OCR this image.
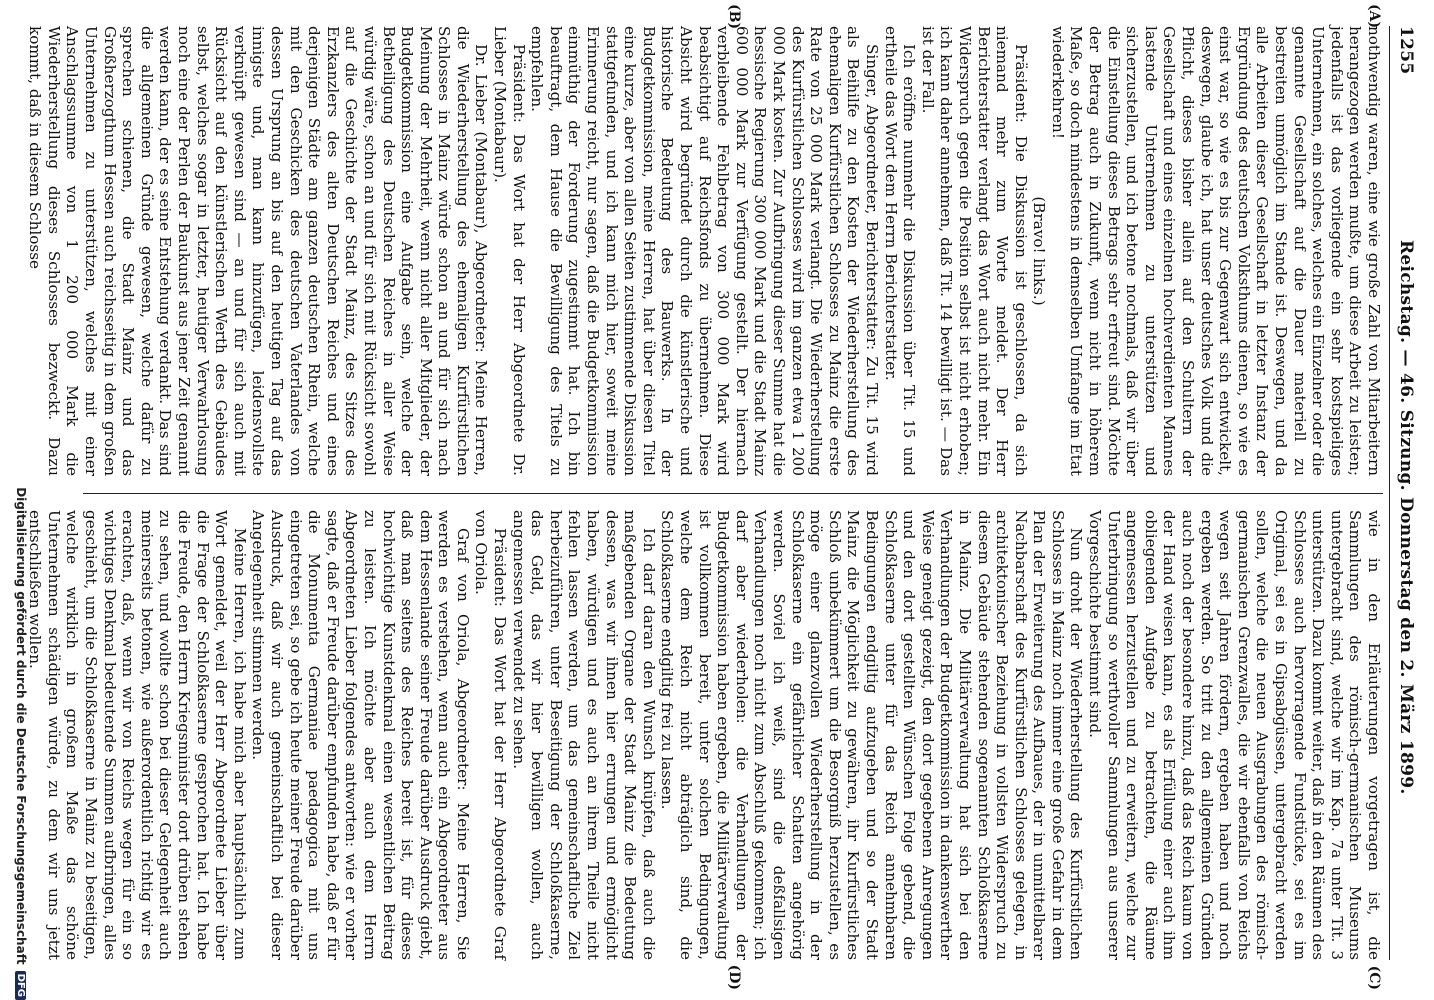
1255
Reichstag. — 46. Sitzung. Donnerstag den 2. März 1899.
(A)
(B)

nothwendig waren, eine wie große Zahl von Mitarbeitern herangezogen werden mußte, um diese Arbeit zu leisten; jedenfalls ist das vorliegende ein sehr kostspieliges Unternehmen, ein solches, welches ein Einzelner oder die genannte Gesellschaft auf die Dauer materiell zu bestreiten unmöglich im Stande ist. Deswegen, und da alle Arbeiten dieser Gesellschaft in letzter Instanz der Ergründung des deutschen Volksthums dienen, so wie es einst war, so wie es bis zur Gegenwart sich entwickelt, deswegen, glaube ich, hat unser deutsches Volk und die Pflicht, dieses bisher allein auf den Schultern der Gesellschaft und eines einzelnen hochverdienten Mannes lastende Unternehmen zu unterstützen und sicherzustellen, und ich betone nochmals, daß wir über die Einstellung dieses Betrags sehr erfreut sind. Möchte der Betrag auch in Zukunft, wenn nicht in höherem Maße, so doch mindestens in demselben Umfange im Etat wiederkehren!

(Bravo! links.)

Präsident: Die Diskussion ist geschlossen, da sich niemand mehr zum Worte meldet. Der Herr Berichterstatter verlangt das Wort auch nicht mehr. Ein Widerspruch gegen die Position selbst ist nicht erhoben; ich kann daher annehmen, daß Tit. 14 bewilligt ist. — Das ist der Fall.

Ich eröffne nunmehr die Diskussion über Tit. 15 und ertheile das Wort dem Herrn Berichterstatter.

Singer, Abgeordneter, Berichterstatter: Zu Tit. 15 wird als Beihilfe zu den Kosten der Wiederherstellung des ehemaligen Kurfürstlichen Schlosses zu Mainz die erste Rate von 25 000 Mark verlangt. Die Wiederherstellung des Kurfürstlichen Schlosses wird im ganzen etwa 1 200 000 Mark kosten. Zur Aufbringung dieser Summe hat die hessische Regierung 300 000 Mark und die Stadt Mainz 600 000 Mark zur Verfügung gestellt. Der hiernach verbleibende Fehlbetrag von 300 000 Mark wird beabsichtigt auf Reichsfonds zu übernehmen. Diese Absicht wird begründet durch die künstlerische und historische Bedeutung des Bauwerks. In der Budgetkommission, meine Herren, hat über diesen Titel eine kurze, aber von allen Seiten zustimmende Diskussion stattgefunden, und ich kann mich hier, soweit meine Erinnerung reicht, nur sagen, daß die Budgetkommission einmüthig der Forderung zugestimmt hat. Ich bin beauftragt, dem Hause die Bewilligung des Titels zu empfehlen.

Präsident: Das Wort hat der Herr Abgeordnete Dr. Lieber (Montabaur).

Dr. Lieber (Montabaur), Abgeordneter: Meine Herren, die Wiederherstellung des ehemaligen Kurfürstlichen Schlosses in Mainz würde schon an und für sich nach Meinung der Mehrheit, wenn nicht aller Mitglieder, der Budgetkommission eine Aufgabe sein, welche der Betheiligung des Deutschen Reiches in aller Weise würdig wäre, schon an und für sich mit Rücksicht sowohl auf die Geschichte der Stadt Mainz, des Sitzes des Erzkanzlers des alten Deutschen Reiches und eines derjenigen Städte am ganzen deutschen Rhein, welche mit den Geschicken des deutschen Vaterlandes von dessen Ursprung an bis auf den heutigen Tag auf das innigste und, man kann hinzufügen, leidensvollste verknüpft gewesen sind — an und für sich auch mit Rücksicht auf den künstlerischen Werth des Gebäudes selbst, welches sogar in letzter, heutiger Verwahrlosung noch eine der Perlen der Baukunst aus jener Zeit genannt werden kann, der es seine Entstehung verdankt. Das sind die allgemeinen Gründe gewesen, welche dafür zu sprechen schienen, die Stadt Mainz und das Großherzogthum Hessen auch reichsseitig in dem großen Unternehmen zu unterstützen, welches mit einer Anschlagssumme von 1 200 000 Mark die Wiederherstellung dieses Schlosses bezweckt. Dazu kommt, daß in diesem Schlosse

(C)
(D)

wie in den Erläuterungen vorgetragen ist, die Sammlungen des römisch-germanischen Museums untergebracht sind, welche wir im Kap. 7a unter Tit. 3 unterstützen. Dazu kommt weiter, daß in den Räumen des Schlosses auch hervorragende Fundstücke, sei es im Original, sei es in Gipsabgüssen, untergebracht werden sollen, welche die neuen Ausgrabungen des römisch-germanischen Grenzwalles, die wir ebenfalls von Reichs wegen seit Jahren fördern, ergeben haben und noch ergeben werden. So tritt zu den allgemeinen Gründen auch noch der besondere hinzu, daß das Reich kaum von der Hand weisen kann, es als Erfüllung einer auch ihm obliegenden Aufgabe zu betrachten, die Räume angemessen herzustellen und zu erweitern, welche zur Unterbringung so werthvoller Sammlungen aus unserer Vorgeschichte bestimmt sind.

Nun droht der Wiederherstellung des Kurfürstlichen Schlosses in Mainz noch immer eine große Gefahr in dem Plan der Erweiterung des Aufbaues, der in unmittelbarer Nachbarschaft des Kurfürstlichen Schlosses gelegen, in architektonischer Beziehung in vollsten Widerspruch zu diesem Gebäude stehenden sogenannten Schloßkaserne in Mainz. Die Militärverwaltung hat sich bei den Verhandlungen der Budgetkommission in dankenswerther Weise geneigt gezeigt, den dort gegebenen Anregungen und den dort gestellten Wünschen Folge gebend, die Schloßkaserne unter für das Reich annehmbaren Bedingungen endgiltig aufzugeben und so der Stadt Mainz die Möglichkeit zu gewähren, ihr Kurfürstliches Schloß unbekümmert um die Besorgniß herzustellen, es möge einer glanzvollen Wiederherstellung in der Schloßkaserne ein gefährlicher Schatten angehörig werden. Soviel ich weiß, sind die deßfallsigen Verhandlungen noch nicht zum Abschluß gekommen; ich darf aber wiederholen: die Verhandlungen der Budgetkommission haben ergeben, die Militärverwaltung ist vollkommen bereit, unter solchen Bedingungen, welche dem Reich nicht abträglich sind, die Schloßkaserne endgiltig frei zu lassen.

Ich darf daran den Wunsch knüpfen, daß auch die maßgebenden Organe der Stadt Mainz die Bedeutung dessen, was wir ihnen hier errungen und ermöglicht haben, würdigen und es auch an ihrem Theile nicht fehlen lassen werden, um das gemeinschaftliche Ziel herbeizuführen, unter Beseitigung der Schloßkaserne, das Geld, das wir hier bewilligen wollen, auch angemessen verwendet zu sehen.

Präsident: Das Wort hat der Herr Abgeordnete Graf von Oriola.

Graf von Oriola, Abgeordneter: Meine Herren, Sie werden es verstehen, wenn auch ein Abgeordneter aus dem Hessenlande seiner Freude darüber Ausdruck giebt, daß man seitens des Reiches bereit ist, für dieses hochwichtige Kunstdenkmal einen wesentlichen Beitrag zu leisten. Ich möchte aber auch dem Herrn Abgeordneten Lieber folgendes antworten: wie er vorher sagte, daß er Freude darüber empfunden habe, daß er für die Monumenta Germaniae paedagogica mit uns eingetreten sei, so gebe ich heute meiner Freude darüber Ausdruck, daß wir auch gemeinschaftlich bei dieser Angelegenheit stimmen werden.

Meine Herren, ich habe mich aber hauptsächlich zum Wort gemeldet, weil der Herr Abgeordnete Lieber über die Frage der Schloßkaserne gesprochen hat. Ich habe die Freude, den Herrn Kriegsminister dort drüben stehen zu sehen, und wollte schon bei dieser Gelegenheit auch meinerseits betonen, wie außerordentlich richtig wir es erachten, daß, wenn wir von Reichs wegen für ein so wichtiges Denkmal bedeutende Summen aufbringen, alles geschieht, um die Schloßkaserne in Mainz zu beseitigen, welche wirklich in großem Maße das schöne Unternehmen schädigen würde, zu dem wir uns jetzt entschließen wollen.

Digitalisierung gefördert durch die Deutsche Forschungsgemeinschaft
DFG
